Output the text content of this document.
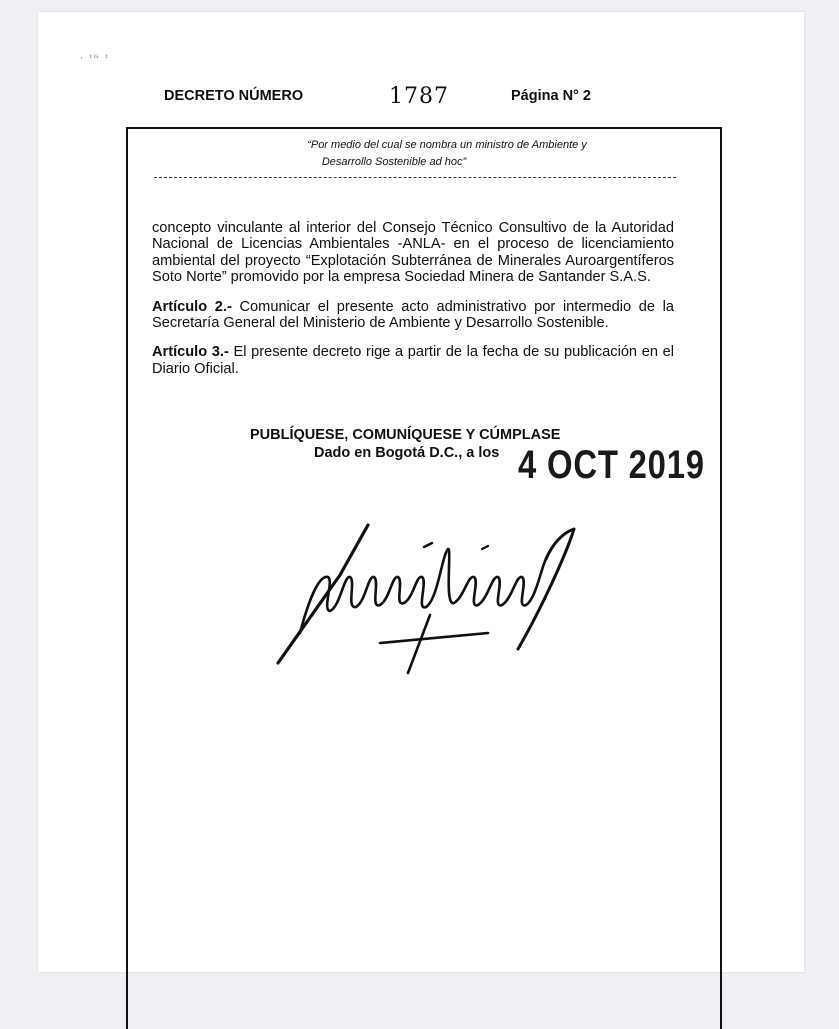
· ᵗᴳ ᵗ
DECRETO NÚMERO	1787	Página N° 2
“Por medio del cual se nombra un ministro de Ambiente y
Desarrollo Sostenible ad hoc”

concepto vinculante al interior del Consejo Técnico Consultivo de la Autoridad Nacional de Licencias Ambientales -ANLA- en el proceso de licenciamiento ambiental del proyecto “Explotación Subterránea de Minerales Auroargentíferos Soto Norte” promovido por la empresa Sociedad Minera de Santander S.A.S.

Artículo 2.- Comunicar el presente acto administrativo por intermedio de la Secretaría General del Ministerio de Ambiente y Desarrollo Sostenible.

Artículo 3.- El presente decreto rige a partir de la fecha de su publicación en el Diario Oficial.

PUBLÍQUESE, COMUNÍQUESE Y CÚMPLASE
Dado en Bogotá D.C., a los 4 OCT 2019
